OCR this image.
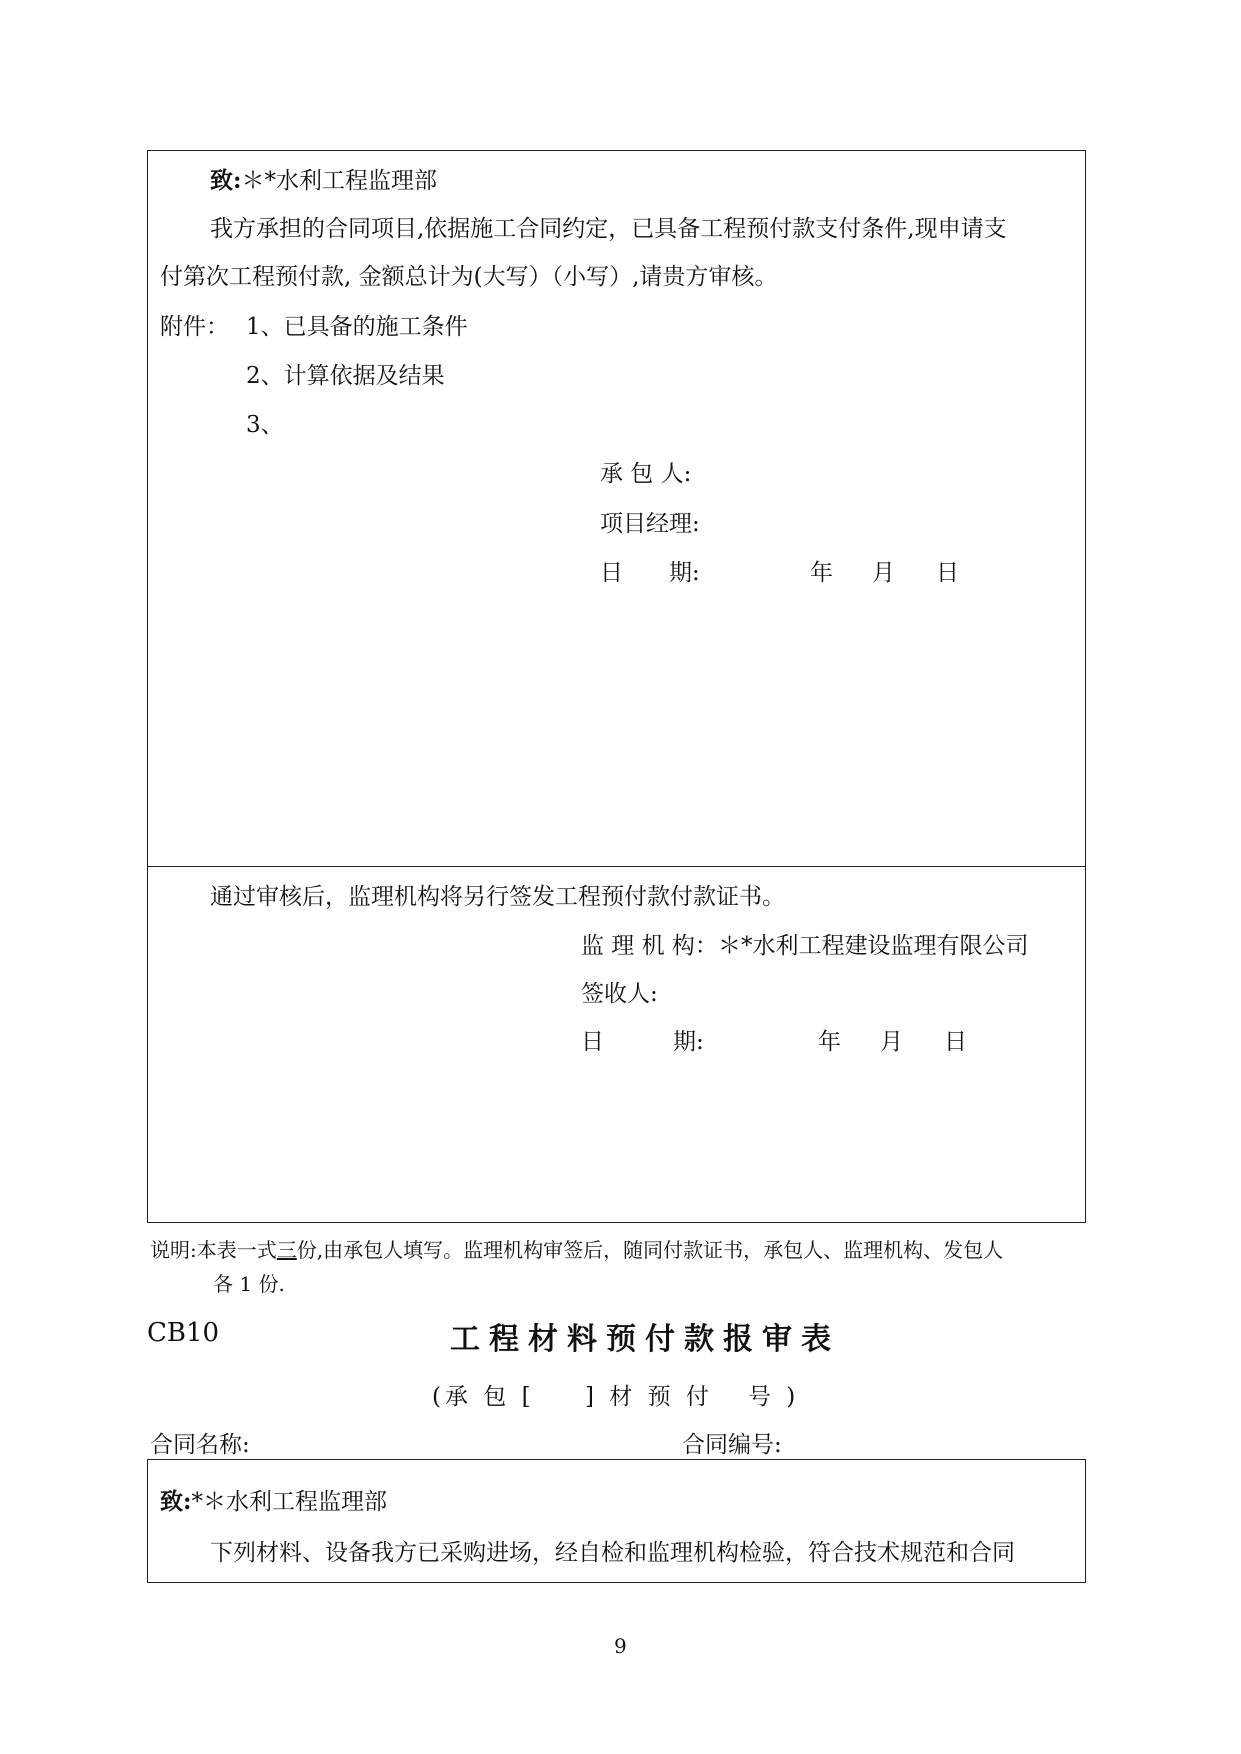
致:＊*水利工程监理部
我方承担的合同项目,依据施工合同约定，已具备工程预付款支付条件,现申请支
付第次工程预付款, 金额总计为(大写）（小写）,请贵方审核。
附件： 1、已具备的施工条件
2、计算依据及结果
3、
承 包 人:
项目经理:
日　　期:	年 月 日
通过审核后，监理机构将另行签发工程预付款付款证书。
监 理 机 构：＊*水利工程建设监理有限公司
签收人:
日　　　期:	年 月 日
说明:本表一式三份,由承包人填写。监理机构审签后，随同付款证书，承包人、监理机构、发包人
各 1 份.
CB10	工程材料预付款报审表
(承 包 [ ] 材 预 付 号 )
合同名称:	合同编号:
致:*＊水利工程监理部
下列材料、设备我方已采购进场，经自检和监理机构检验，符合技术规范和合同
9
